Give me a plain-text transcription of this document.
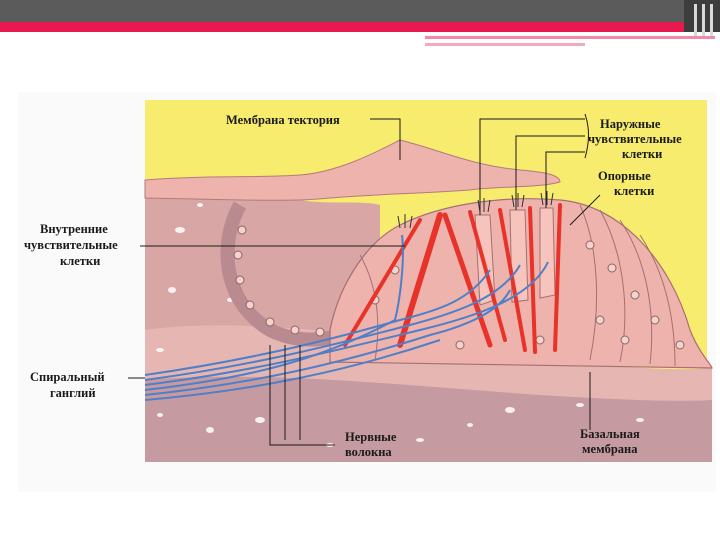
Мембрана тектория	Наружные
чувствительные
клетки
Опорные
клетки
Внутренние
чувствительные
клетки
Спиральный
ганглий
Нервные
волокна
Базальная
мембрана
